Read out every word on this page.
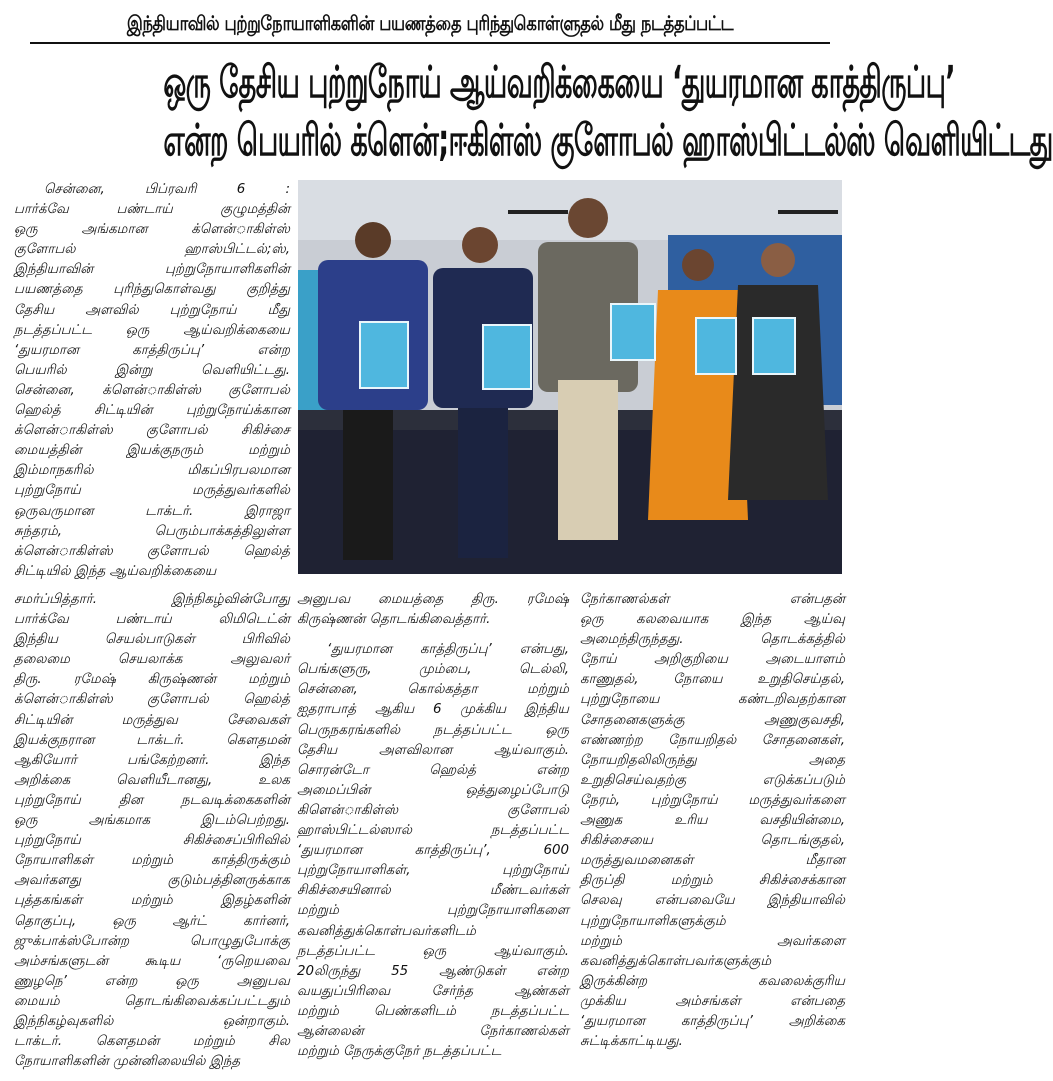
இந்தியாவில் புற்றுநோயாளிகளின் பயணத்தை புரிந்துகொள்ளுதல் மீது நடத்தப்பட்ட
ஒரு தேசிய புற்றுநோய் ஆய்வறிக்கையை ‘துயரமான காத்திருப்பு’
என்ற பெயரில் க்ளென்;ஈகிள்ஸ் குளோபல் ஹாஸ்பிட்டல்ஸ் வெளியிட்டது
சென்னை, பிப்ரவரி 6 :
பார்க்வே பண்டாய் குழுமத்தின்
ஒரு அங்கமான க்ளென்ாகிள்ஸ்
குளோபல் ஹாஸ்பிட்டல்;ஸ்,
இந்தியாவின் புற்றுநோயாளிகளின்
பயணத்தை புரிந்துகொள்வது குறித்து
தேசிய அளவில் புற்றுநோய் மீது
நடத்தப்பட்ட ஒரு ஆய்வறிக்கையை
‘துயரமான காத்திருப்பு’ என்ற
பெயரில் இன்று வெளியிட்டது.
சென்னை, க்ளென்ாகிள்ஸ் குளோபல்
ஹெல்த் சிட்டியின் புற்றுநோய்க்கான
க்ளென்ாகிள்ஸ் குளோபல் சிகிச்சை
மையத்தின் இயக்குநரும் மற்றும்
இம்மாநகரில் மிகப்பிரபலமான
புற்றுநோய் மருத்துவர்களில்
ஒருவருமான டாக்டர். இராஜா
சுந்தரம், பெரும்பாக்கத்திலுள்ள
க்ளென்ாகிள்ஸ் குளோபல் ஹெல்த்
சிட்டியில் இந்த ஆய்வறிக்கையை
சமர்ப்பித்தார். இந்நிகழ்வின்போது
பார்க்வே பண்டாய் லிமிடெட்ன்
இந்திய செயல்பாடுகள் பிரிவில்
தலைமை செயலாக்க அலுவலர்
திரு. ரமேஷ் கிருஷ்ணன் மற்றும்
க்ளென்ாகிள்ஸ் குளோபல் ஹெல்த்
சிட்டியின் மருத்துவ சேவைகள்
இயக்குநரான டாக்டர். கௌதமன்
ஆகியோர் பங்கேற்றனர். இந்த
அறிக்கை வெளியீடானது, உலக
புற்றுநோய் தின நடவடிக்கைகளின்
ஒரு அங்கமாக இடம்பெற்றது.
புற்றுநோய் சிகிச்சைப்பிரிவில்
நோயாளிகள் மற்றும் காத்திருக்கும்
அவர்களது குடும்பத்தினருக்காக
புத்தகங்கள் மற்றும் இதழ்களின்
தொகுப்பு, ஒரு ஆர்ட் கார்னர்,
ஜுக்பாக்ஸ்போன்ற பொழுதுபோக்கு
அம்சங்களுடன் கூடிய ‘ருறெயவை
ணுழநெ’ என்ற ஒரு அனுபவ
மையம் தொடங்கிவைக்கப்பட்டதும்
இந்நிகழ்வுகளில் ஒன்றாகும்.
டாக்டர். கௌதமன் மற்றும் சில
நோயாளிகளின் முன்னிலையில் இந்த
அனுபவ மையத்தை திரு. ரமேஷ்
கிருஷ்ணன் தொடங்கிவைத்தார்.
‘துயரமான காத்திருப்பு’ என்பது,
பெங்களுரு, மும்பை, டெல்லி,
சென்னை, கொல்கத்தா மற்றும்
ஐதராபாத் ஆகிய 6 முக்கிய இந்திய
பெருநகரங்களில் நடத்தப்பட்ட ஒரு
தேசிய அளவிலான ஆய்வாகும்.
சொரன்டோ ஹெல்த் என்ற
அமைப்பின் ஒத்துழைப்போடு
கிளென்ாகிள்ஸ் குளோபல்
ஹாஸ்பிட்டல்ஸால் நடத்தப்பட்ட
‘துயரமான காத்திருப்பு’, 600
புற்றுநோயாளிகள், புற்றுநோய்
சிகிச்சையினால் மீண்டவர்கள்
மற்றும் புற்றுநோயாளிகளை
கவனித்துக்கொள்பவர்களிடம்
நடத்தப்பட்ட ஒரு ஆய்வாகும்.
20லிருந்து 55 ஆண்டுகள் என்ற
வயதுப்பிரிவை சேர்ந்த ஆண்கள்
மற்றும் பெண்களிடம் நடத்தப்பட்ட
ஆன்லைன் நேர்காணல்கள்
மற்றும் நேருக்குநேர் நடத்தப்பட்ட
நேர்காணல்கள் என்பதன்
ஒரு கலவையாக இந்த ஆய்வு
அமைந்திருந்தது. தொடக்கத்தில்
நோய் அறிகுறியை அடையாளம்
காணுதல், நோயை உறுதிசெய்தல்,
புற்றுநோயை கண்டறிவதற்கான
சோதனைகளுக்கு அணுகுவசதி,
எண்ணற்ற நோயறிதல் சோதனைகள்,
நோயறிதலிலிருந்து அதை
உறுதிசெய்வதற்கு எடுக்கப்படும்
நேரம், புற்றுநோய் மருத்துவர்களை
அணுக உரிய வசதியின்மை,
சிகிச்சையை தொடங்குதல்,
மருத்துவமனைகள் மீதான
திருப்தி மற்றும் சிகிச்சைக்கான
செலவு என்பவையே இந்தியாவில்
புற்றுநோயாளிகளுக்கும்
மற்றும் அவர்களை
கவனித்துக்கொள்பவர்களுக்கும்
இருக்கின்ற கவலைக்குரிய
முக்கிய அம்சங்கள் என்பதை
‘துயரமான காத்திருப்பு’ அறிக்கை
சுட்டிக்காட்டியது.
